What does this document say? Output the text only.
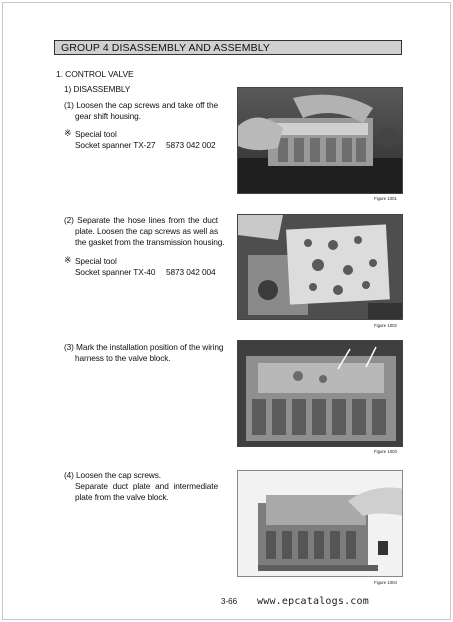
GROUP 4 DISASSEMBLY AND ASSEMBLY
1. CONTROL VALVE
1) DISASSEMBLY
(1) Loosen the cap screws and take off the
gear shift housing.
※ Special tool
Socket spanner TX-27 5873 042 002
Figure 1001
(2) Separate the hose lines from the duct
plate. Loosen the cap screws as well as
the gasket from the transmission housing.
※ Special tool
Socket spanner TX-40 5873 042 004
Figure 1002
(3) Mark the installation position of the wiring
harness to the valve block.
Figure 1003
(4) Loosen the cap screws.
Separate duct plate and intermediate
plate from the valve block.
Figure 1004
3-66 www.epcatalogs.com
